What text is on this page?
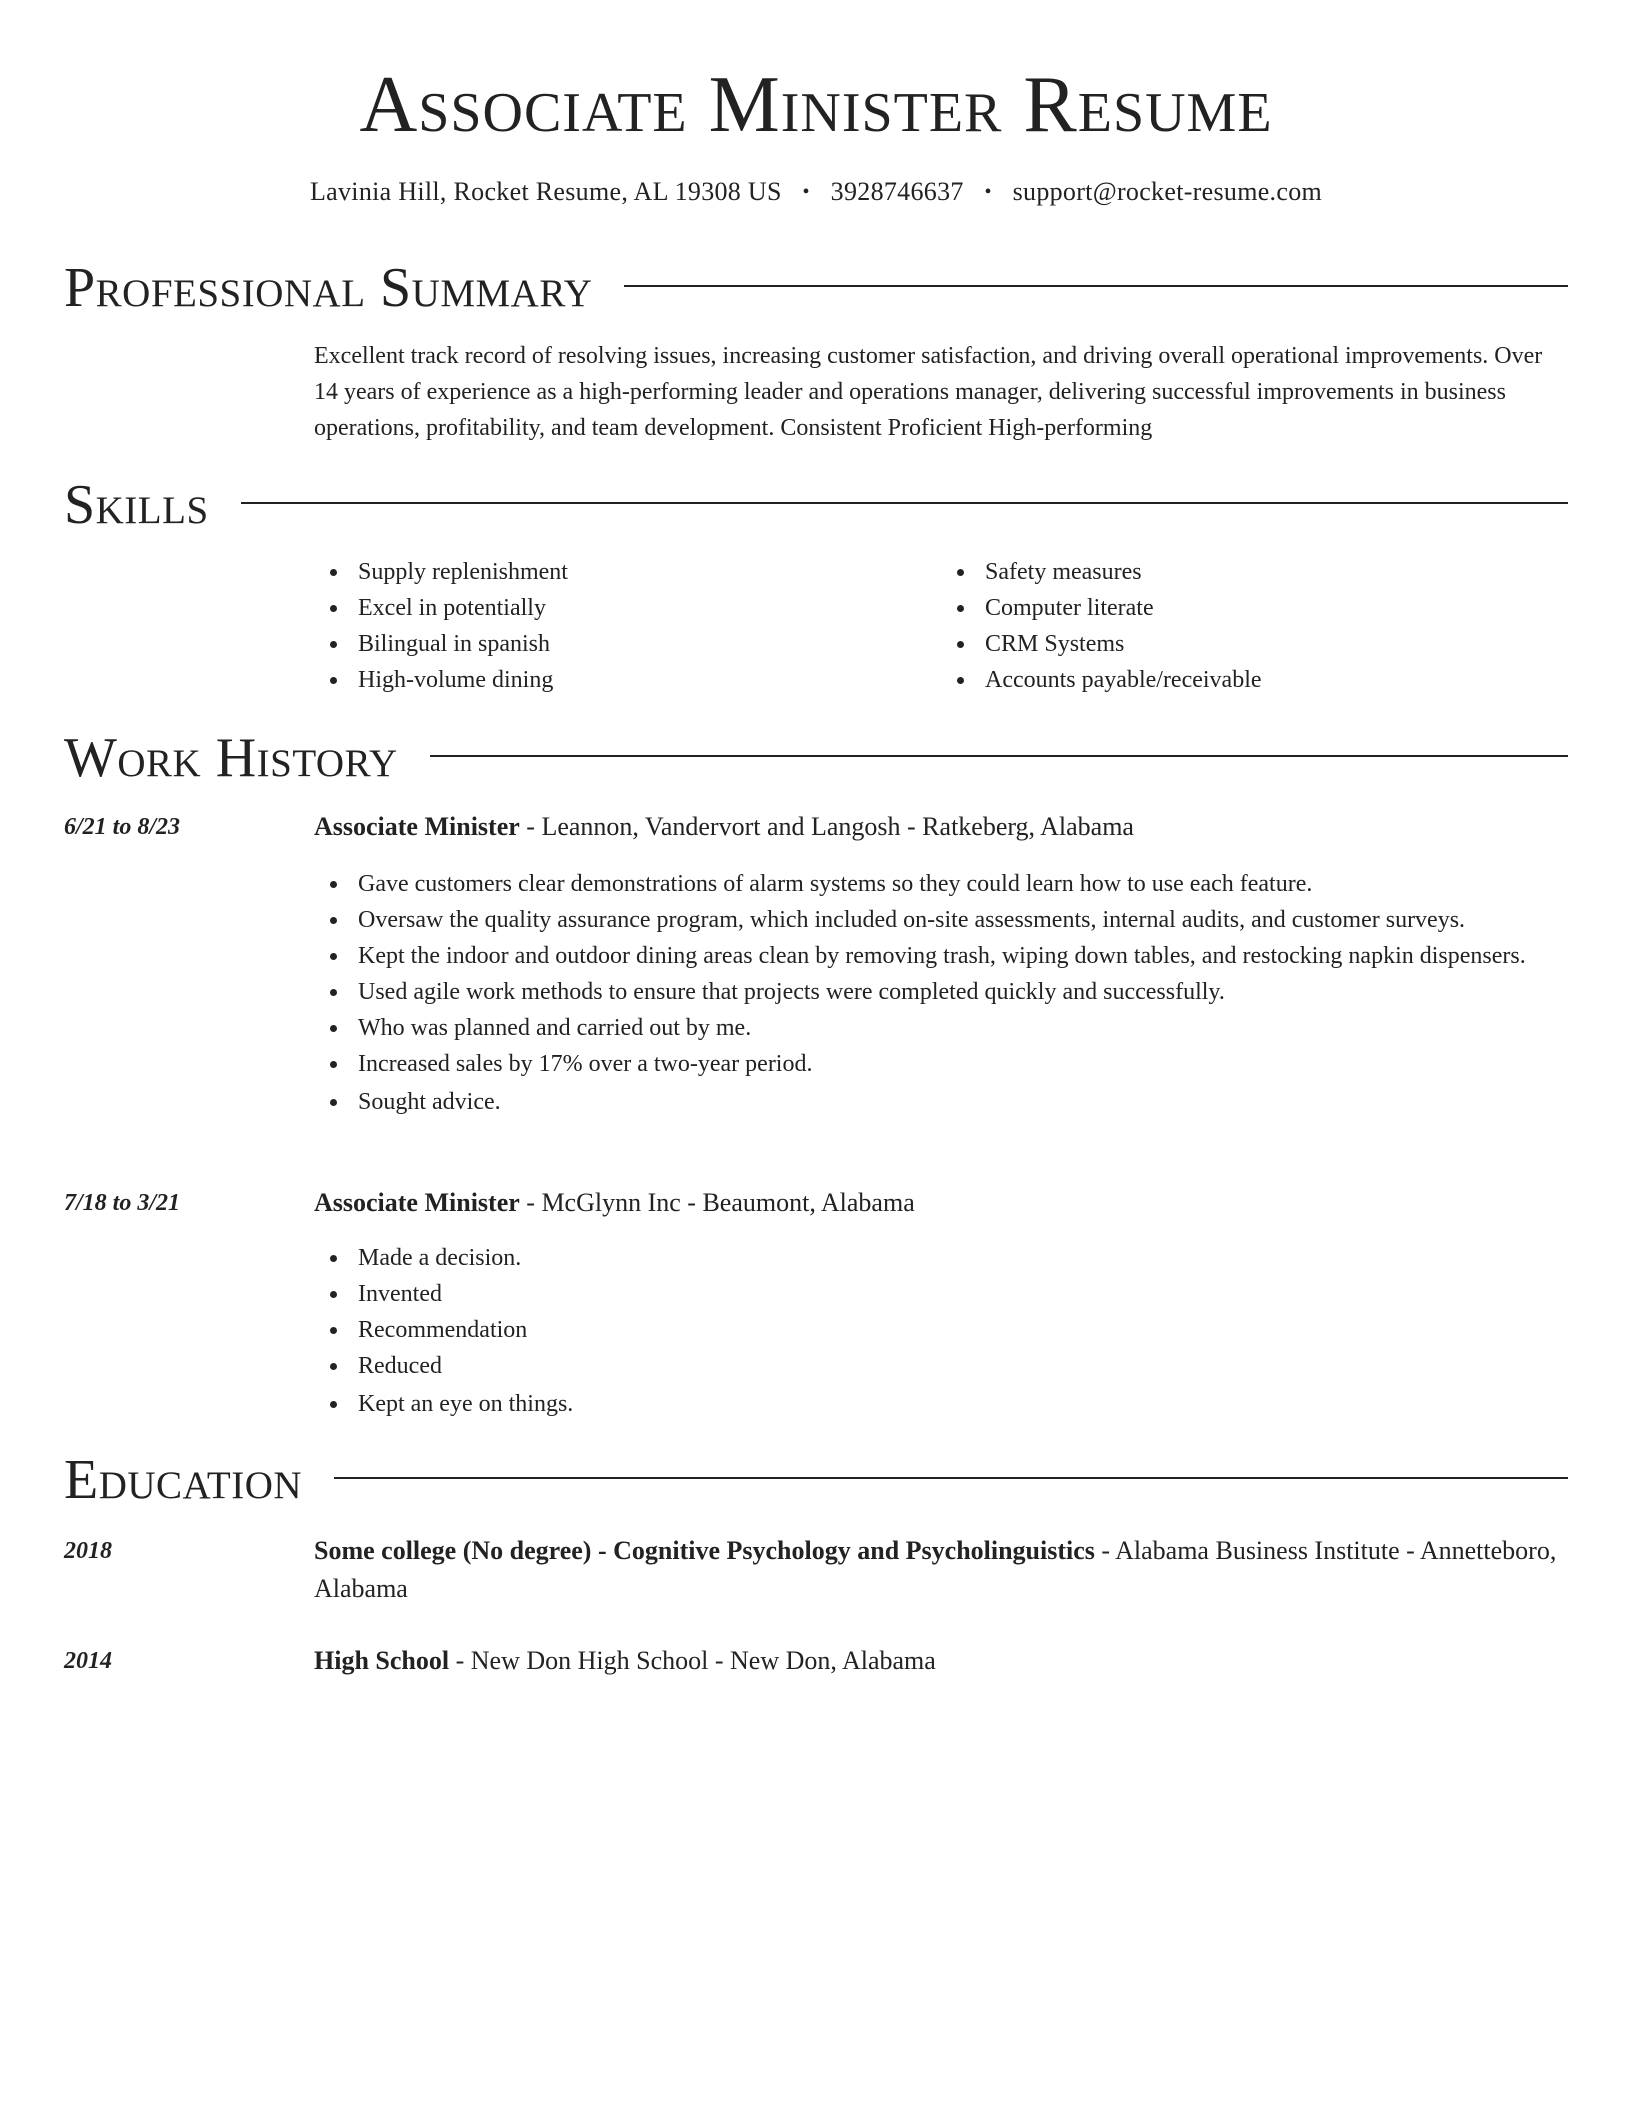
Associate Minister Resume
Lavinia Hill, Rocket Resume, AL 19308 US • 3928746637 • support@rocket-resume.com
Professional Summary
Excellent track record of resolving issues, increasing customer satisfaction, and driving overall operational improvements. Over 14 years of experience as a high-performing leader and operations manager, delivering successful improvements in business operations, profitability, and team development. Consistent Proficient High-performing
Skills
Supply replenishment
Excel in potentially
Bilingual in spanish
High-volume dining
Safety measures
Computer literate
CRM Systems
Accounts payable/receivable
Work History
6/21 to 8/23	Associate Minister - Leannon, Vandervort and Langosh - Ratkeberg, Alabama
Gave customers clear demonstrations of alarm systems so they could learn how to use each feature.
Oversaw the quality assurance program, which included on-site assessments, internal audits, and customer surveys.
Kept the indoor and outdoor dining areas clean by removing trash, wiping down tables, and restocking napkin dispensers.
Used agile work methods to ensure that projects were completed quickly and successfully.
Who was planned and carried out by me.
Increased sales by 17% over a two-year period.
Sought advice.
7/18 to 3/21	Associate Minister - McGlynn Inc - Beaumont, Alabama
Made a decision.
Invented
Recommendation
Reduced
Kept an eye on things.
Education
2018	Some college (No degree) - Cognitive Psychology and Psycholinguistics - Alabama Business Institute - Annetteboro, Alabama
2014	High School - New Don High School - New Don, Alabama
